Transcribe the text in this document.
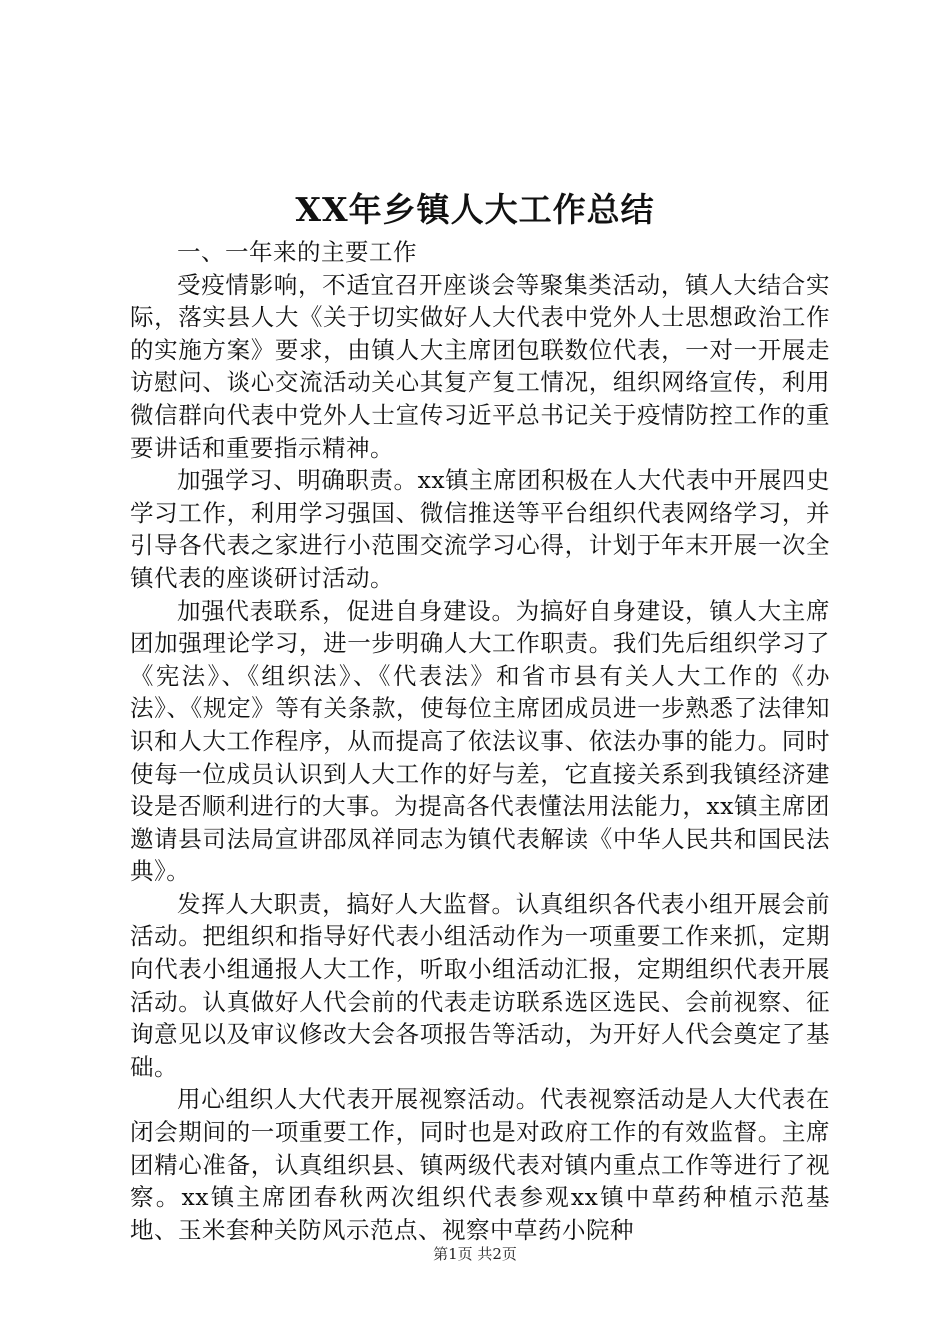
XX年乡镇人大工作总结

一、一年来的主要工作

受疫情影响，不适宜召开座谈会等聚集类活动，镇人大结合实际，落实县人大《关于切实做好人大代表中党外人士思想政治工作的实施方案》要求，由镇人大主席团包联数位代表，一对一开展走访慰问、谈心交流活动关心其复产复工情况，组织网络宣传，利用微信群向代表中党外人士宣传习近平总书记关于疫情防控工作的重要讲话和重要指示精神。

加强学习、明确职责。xx镇主席团积极在人大代表中开展四史学习工作，利用学习强国、微信推送等平台组织代表网络学习，并引导各代表之家进行小范围交流学习心得，计划于年末开展一次全镇代表的座谈研讨活动。

加强代表联系，促进自身建设。为搞好自身建设，镇人大主席团加强理论学习，进一步明确人大工作职责。我们先后组织学习了《宪法》、《组织法》、《代表法》和省市县有关人大工作的《办法》、《规定》等有关条款，使每位主席团成员进一步熟悉了法律知识和人大工作程序，从而提高了依法议事、依法办事的能力。同时使每一位成员认识到人大工作的好与差，它直接关系到我镇经济建设是否顺利进行的大事。为提高各代表懂法用法能力，xx镇主席团邀请县司法局宣讲邵凤祥同志为镇代表解读《中华人民共和国民法典》。

发挥人大职责，搞好人大监督。认真组织各代表小组开展会前活动。把组织和指导好代表小组活动作为一项重要工作来抓，定期向代表小组通报人大工作，听取小组活动汇报，定期组织代表开展活动。认真做好人代会前的代表走访联系选区选民、会前视察、征询意见以及审议修改大会各项报告等活动，为开好人代会奠定了基础。

用心组织人大代表开展视察活动。代表视察活动是人大代表在闭会期间的一项重要工作，同时也是对政府工作的有效监督。主席团精心准备，认真组织县、镇两级代表对镇内重点工作等进行了视察。xx镇主席团春秋两次组织代表参观xx镇中草药种植示范基地、玉米套种关防风示范点、视察中草药小院种

第1页 共2页
